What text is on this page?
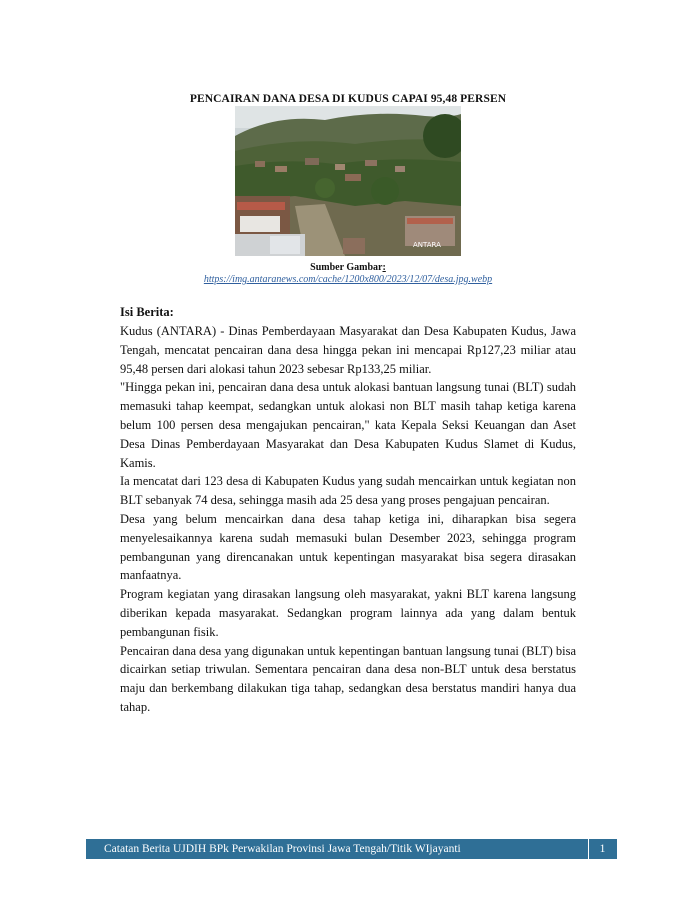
PENCAIRAN DANA DESA DI KUDUS CAPAI 95,48 PERSEN
ANTARA
Sumber Gambar:
https://img.antaranews.com/cache/1200x800/2023/12/07/desa.jpg.webp
Isi Berita:

Kudus (ANTARA) - Dinas Pemberdayaan Masyarakat dan Desa Kabupaten Kudus, Jawa Tengah, mencatat pencairan dana desa hingga pekan ini mencapai Rp127,23 miliar atau 95,48 persen dari alokasi tahun 2023 sebesar Rp133,25 miliar.

"Hingga pekan ini, pencairan dana desa untuk alokasi bantuan langsung tunai (BLT) sudah memasuki tahap keempat, sedangkan untuk alokasi non BLT masih tahap ketiga karena belum 100 persen desa mengajukan pencairan," kata Kepala Seksi Keuangan dan Aset Desa Dinas Pemberdayaan Masyarakat dan Desa Kabupaten Kudus Slamet di Kudus, Kamis.

Ia mencatat dari 123 desa di Kabupaten Kudus yang sudah mencairkan untuk kegiatan non BLT sebanyak 74 desa, sehingga masih ada 25 desa yang proses pengajuan pencairan.

Desa yang belum mencairkan dana desa tahap ketiga ini, diharapkan bisa segera menyelesaikannya karena sudah memasuki bulan Desember 2023, sehingga program pembangunan yang direncanakan untuk kepentingan masyarakat bisa segera dirasakan manfaatnya.

Program kegiatan yang dirasakan langsung oleh masyarakat, yakni BLT karena langsung diberikan kepada masyarakat. Sedangkan program lainnya ada yang dalam bentuk pembangunan fisik.

Pencairan dana desa yang digunakan untuk kepentingan bantuan langsung tunai (BLT) bisa dicairkan setiap triwulan. Sementara pencairan dana desa non-BLT untuk desa berstatus maju dan berkembang dilakukan tiga tahap, sedangkan desa berstatus mandiri hanya dua tahap.

Catatan Berita UJDIH BPk Perwakilan Provinsi Jawa Tengah/Titik WIjayanti	1
